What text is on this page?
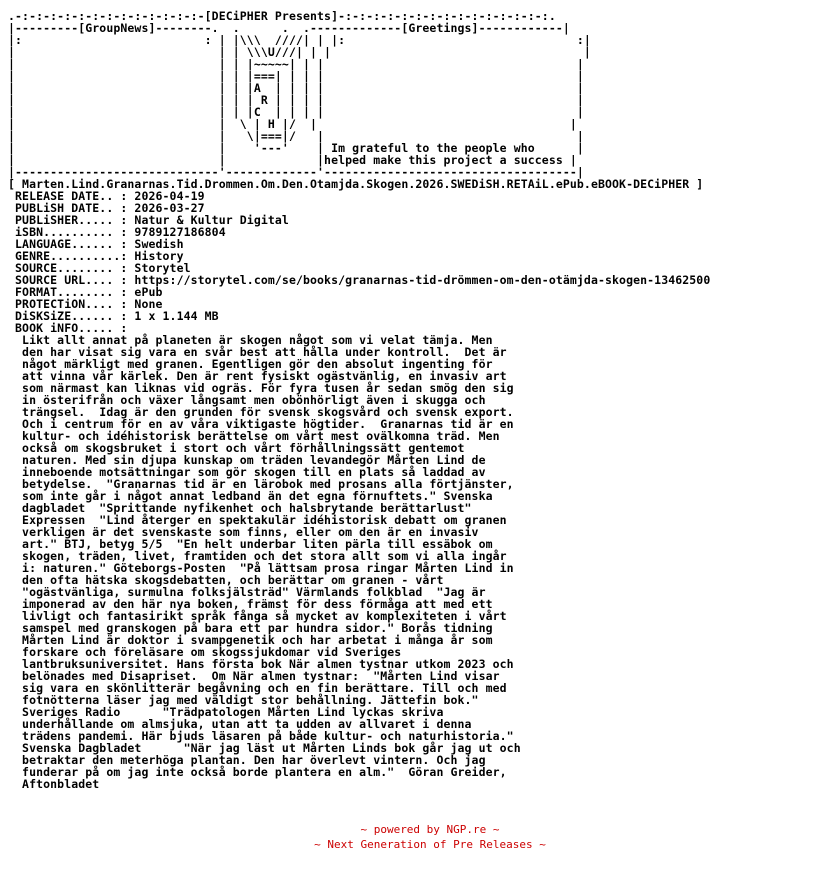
.-:-:-:-:-:-:-:-:-:-:-:-:-:-[DECiPHER Presents]-:-:-:-:-:-:-:-:-:-:-:-:-:-:-:.
|---------[GroupNews]--------.  .      .  .-------------[Greetings]------------|
|:                          : | |\\\  ////| | |:                                 :|
|                             | | \\\U///| | |                                    |
|                             | | |~~~~~| | |                                    |
|                             | | |===| | | |                                    |
|                             | | |A  | | | |                                    |
|                             | | | R | | | |                                    |
|                             | | |C  | | | |                                    |
|                             |  \ | H |/  |                                    |
|                             |   \|===|/   |                                    |
|                             |    '---'    | Im grateful to the people who      |
|                             |             |helped make this project a success |
|-----------------------------'-------------'------------------------------------|
[ Marten.Lind.Granarnas.Tid.Drommen.Om.Den.Otamjda.Skogen.2026.SWEDiSH.RETAiL.ePub.eBOOK-DECiPHER ]
RELEASE DATE.. : 2026-04-19
PUBLiSH DATE.. : 2026-03-27
PUBLiSHER..... : Natur & Kultur Digital
iSBN.......... : 9789127186804
LANGUAGE...... : Swedish
GENRE..........: History
SOURCE........ : Storytel
SOURCE URL.... : https://storytel.com/se/books/granarnas-tid-drömmen-om-den-otämjda-skogen-13462500
FORMAT........ : ePub
PROTECTiON.... : None
DiSKSiZE...... : 1 x 1.144 MB
BOOK iNFO..... :
Likt allt annat på planeten är skogen något som vi velat tämja. Men
den har visat sig vara en svår best att hålla under kontroll.  Det är
något märkligt med granen. Egentligen gör den absolut ingenting för
att vinna vår kärlek. Den är rent fysiskt ogästvänlig, en invasiv art
som närmast kan liknas vid ogräs. För fyra tusen år sedan smög den sig
in österifrån och växer långsamt men obönhörligt även i skugga och
trängsel.  Idag är den grunden för svensk skogsvård och svensk export.
Och i centrum för en av våra viktigaste högtider.  Granarnas tid är en
kultur- och idéhistorisk berättelse om vårt mest ovälkomna träd. Men
också om skogsbruket i stort och vårt förhållningssätt gentemot
naturen. Med sin djupa kunskap om träden levandegör Mårten Lind de
inneboende motsättningar som gör skogen till en plats så laddad av
betydelse.  "Granarnas tid är en lärobok med prosans alla förtjänster,
som inte går i något annat ledband än det egna förnuftets." Svenska
dagbladet  "Sprittande nyfikenhet och halsbrytande berättarlust"
Expressen  "Lind återger en spektakulär idéhistorisk debatt om granen
verkligen är det svenskaste som finns, eller om den är en invasiv
art." BTJ, betyg 5/5  "En helt underbar liten pärla till essäbok om
skogen, träden, livet, framtiden och det stora allt som vi alla ingår
i: naturen." Göteborgs-Posten  "På lättsam prosa ringar Mårten Lind in
den ofta hätska skogsdebatten, och berättar om granen - vårt
"ogästvänliga, surmulna folksjälsträd" Värmlands folkblad  "Jag är
imponerad av den här nya boken, främst för dess förmåga att med ett
livligt och fantasirikt språk fånga så mycket av komplexiteten i vårt
samspel med granskogen på bara ett par hundra sidor." Borås tidning
Mårten Lind är doktor i svampgenetik och har arbetat i många år som
forskare och föreläsare om skogssjukdomar vid Sveriges
lantbruksuniversitet. Hans första bok När almen tystnar utkom 2023 och
belönades med Disapriset.  Om När almen tystnar:  "Mårten Lind visar
sig vara en skönlitterär begåvning och en fin berättare. Till och med
fotnötterna läser jag med väldigt stor behållning. Jättefin bok."
Sveriges Radio      "Trädpatologen Mårten Lind lyckas skriva
underhållande om almsjuka, utan att ta udden av allvaret i denna
trädens pandemi. Här bjuds läsaren på både kultur- och naturhistoria."
Svenska Dagbladet      "När jag läst ut Mårten Linds bok går jag ut och
betraktar den meterhöga plantan. Den har överlevt vintern. Och jag
funderar på om jag inte också borde plantera en alm."  Göran Greider,
Aftonbladet

~ powered by NGP.re ~
~ Next Generation of Pre Releases ~
